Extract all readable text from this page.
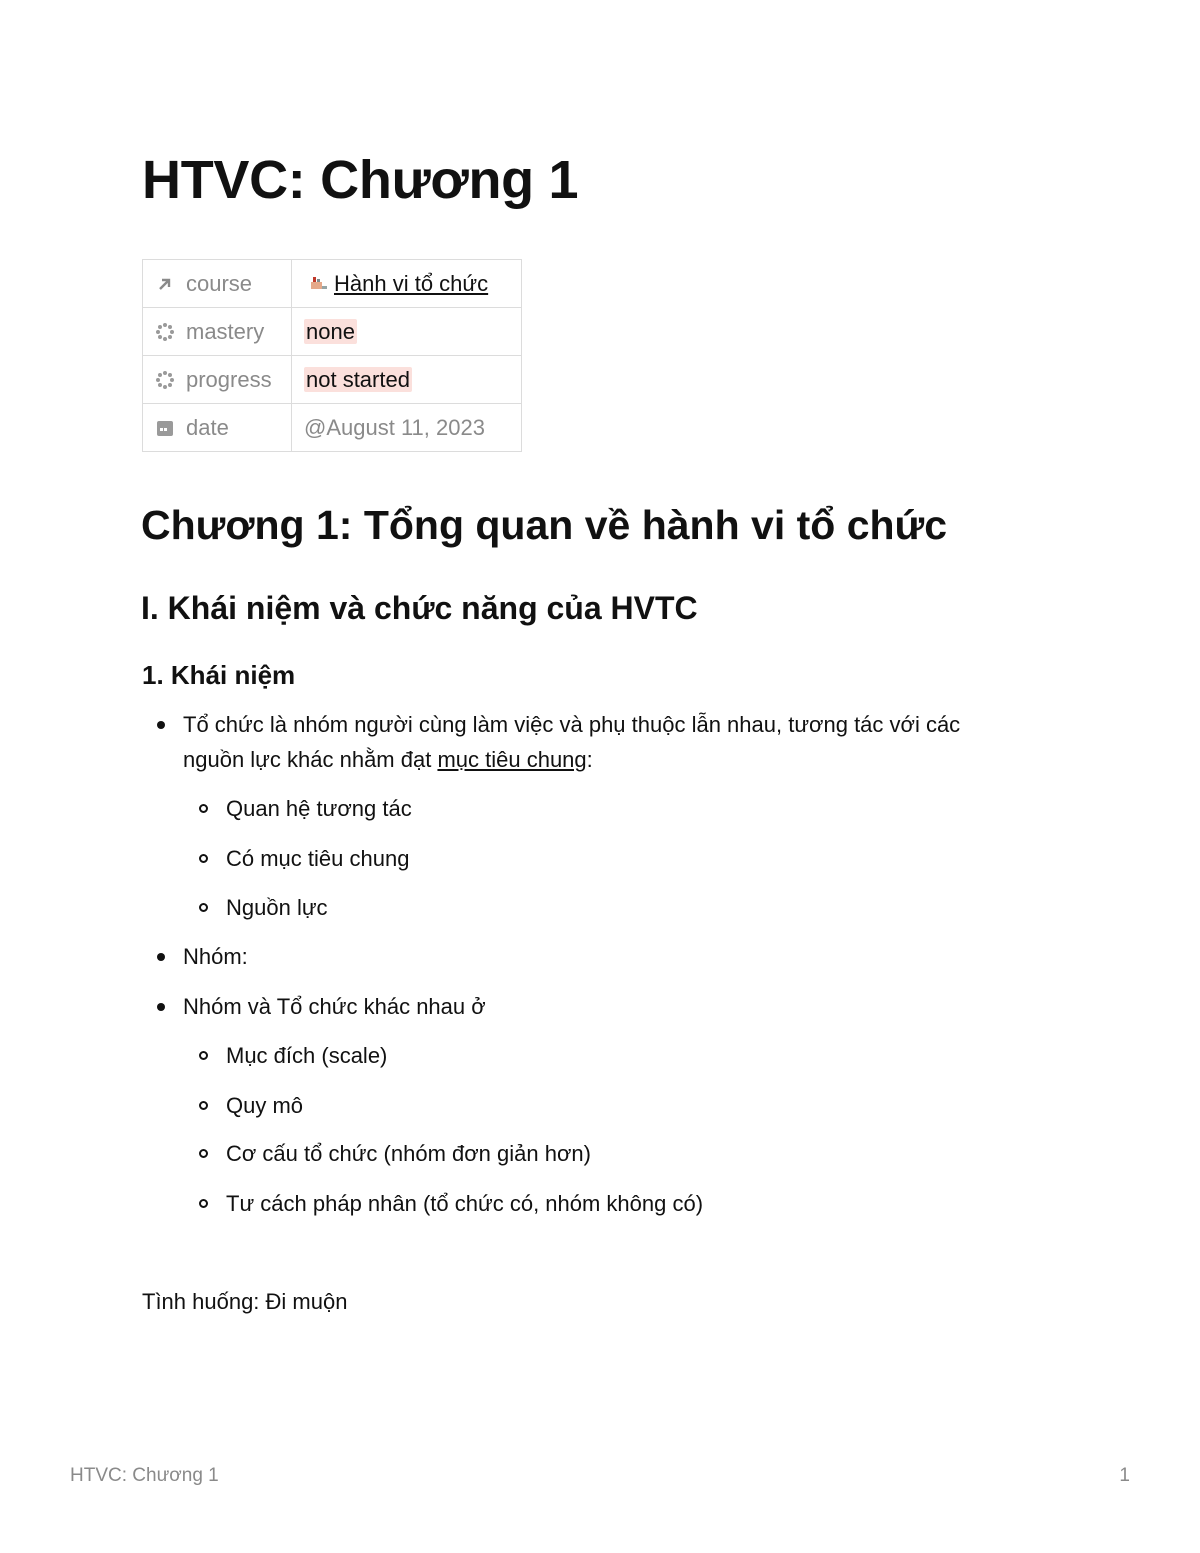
HTVC: Chương 1
course	Hành vi tổ chức
mastery	none
progress	not started
date	@August 11, 2023
Chương 1: Tổng quan về hành vi tổ chức
I. Khái niệm và chức năng của HVTC
1. Khái niệm
Tổ chức là nhóm người cùng làm việc và phụ thuộc lẫn nhau, tương tác với các
nguồn lực khác nhằm đạt mục tiêu chung:
Quan hệ tương tác
Có mục tiêu chung
Nguồn lực
Nhóm:
Nhóm và Tổ chức khác nhau ở
Mục đích (scale)
Quy mô
Cơ cấu tổ chức (nhóm đơn giản hơn)
Tư cách pháp nhân (tổ chức có, nhóm không có)
Tình huống: Đi muộn
HTVC: Chương 1	1
